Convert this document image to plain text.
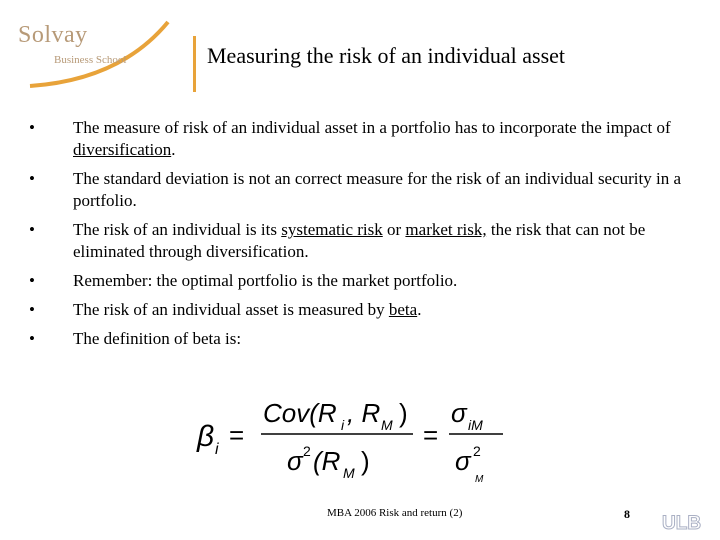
Solvay
Business School	Measuring the risk of an individual asset
• The measure of risk of an individual asset in a portfolio has to incorporate the impact of diversification.
• The standard deviation is not an correct measure for the risk of an individual security in a portfolio.
• The risk of an individual is its systematic risk or market risk, the risk that can not be eliminated through diversification.
• Remember: the optimal portfolio is the market portfolio.
• The risk of an individual asset is measured by beta.
• The definition of beta is:
β i =
Cov(R i , R M )
σ 2 (R M )
=
σ iM
σ 2
M
MBA 2006 Risk and return (2)	8 ULB
